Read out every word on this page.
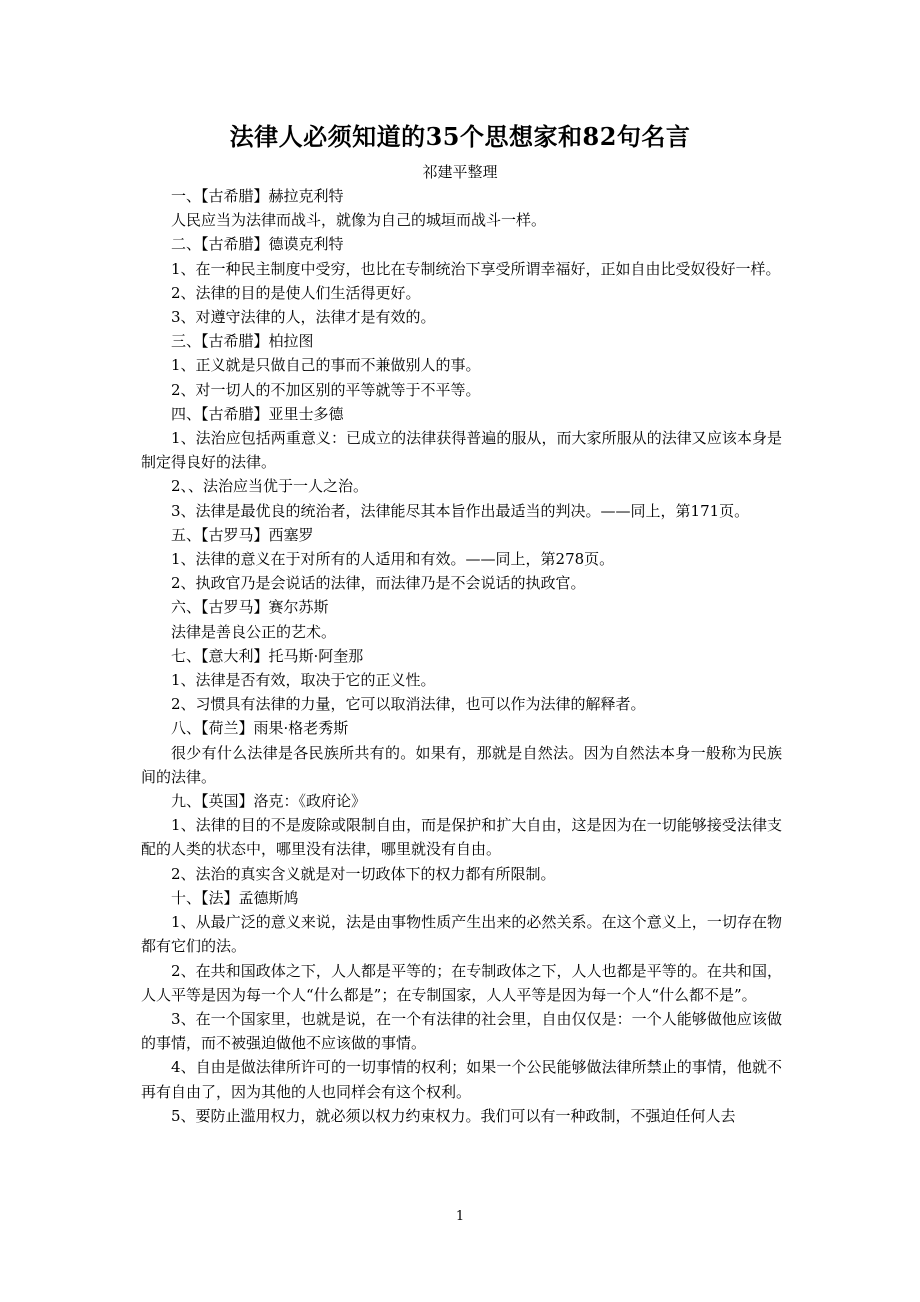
法律人必须知道的35个思想家和82句名言
祁建平整理

一、【古希腊】赫拉克利特

人民应当为法律而战斗，就像为自己的城垣而战斗一样。

二、【古希腊】德谟克利特

1、在一种民主制度中受穷，也比在专制统治下享受所谓幸福好，正如自由比受奴役好一样。

2、法律的目的是使人们生活得更好。

3、对遵守法律的人，法律才是有效的。

三、【古希腊】柏拉图

1、正义就是只做自己的事而不兼做别人的事。

2、对一切人的不加区别的平等就等于不平等。

四、【古希腊】亚里士多德

1、法治应包括两重意义：已成立的法律获得普遍的服从，而大家所服从的法律又应该本身是制定得良好的法律。

2、、法治应当优于一人之治。

3、法律是最优良的统治者，法律能尽其本旨作出最适当的判决。——同上，第171页。

五、【古罗马】西塞罗

1、法律的意义在于对所有的人适用和有效。——同上，第278页。

2、执政官乃是会说话的法律，而法律乃是不会说话的执政官。

六、【古罗马】赛尔苏斯

法律是善良公正的艺术。

七、【意大利】托马斯·阿奎那

1、法律是否有效，取决于它的正义性。

2、习惯具有法律的力量，它可以取消法律，也可以作为法律的解释者。

八、【荷兰】雨果·格老秀斯

很少有什么法律是各民族所共有的。如果有，那就是自然法。因为自然法本身一般称为民族间的法律。

九、【英国】洛克：《政府论》

1、法律的目的不是废除或限制自由，而是保护和扩大自由，这是因为在一切能够接受法律支配的人类的状态中，哪里没有法律，哪里就没有自由。

2、法治的真实含义就是对一切政体下的权力都有所限制。

十、【法】孟德斯鸠

1、从最广泛的意义来说，法是由事物性质产生出来的必然关系。在这个意义上，一切存在物都有它们的法。

2、在共和国政体之下，人人都是平等的；在专制政体之下，人人也都是平等的。在共和国，人人平等是因为每一个人“什么都是”；在专制国家，人人平等是因为每一个人“什么都不是”。

3、在一个国家里，也就是说，在一个有法律的社会里，自由仅仅是：一个人能够做他应该做的事情，而不被强迫做他不应该做的事情。

4、自由是做法律所许可的一切事情的权利；如果一个公民能够做法律所禁止的事情，他就不再有自由了，因为其他的人也同样会有这个权利。

5、要防止滥用权力，就必须以权力约束权力。我们可以有一种政制，不强迫任何人去

1
